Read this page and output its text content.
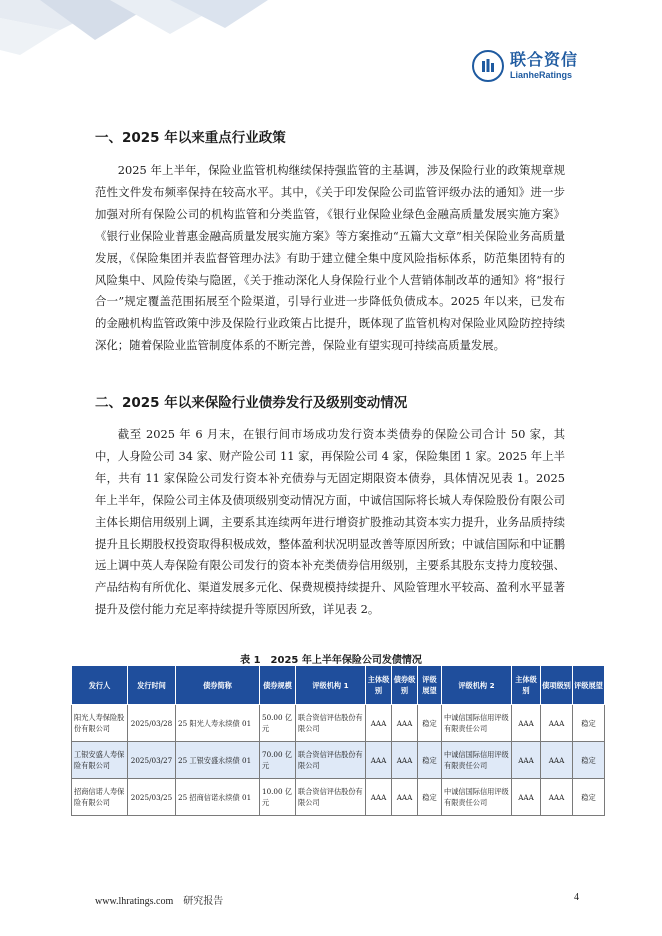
联合资信
LianheRatings
一、2025 年以来重点行业政策

2025 年上半年，保险业监管机构继续保持强监管的主基调，涉及保险行业的政策规章规范性文件发布频率保持在较高水平。其中，《关于印发保险公司监管评级办法的通知》进一步加强对所有保险公司的机构监管和分类监管，《银行业保险业绿色金融高质量发展实施方案》《银行业保险业普惠金融高质量发展实施方案》等方案推动“五篇大文章”相关保险业务高质量发展，《保险集团并表监督管理办法》有助于建立健全集中度风险指标体系，防范集团特有的风险集中、风险传染与隐匿，《关于推动深化人身保险行业个人营销体制改革的通知》将“报行合一”规定覆盖范围拓展至个险渠道，引导行业进一步降低负债成本。2025 年以来，已发布的金融机构监管政策中涉及保险行业政策占比提升，既体现了监管机构对保险业风险防控持续深化；随着保险业监管制度体系的不断完善，保险业有望实现可持续高质量发展。

二、2025 年以来保险行业债券发行及级别变动情况

截至 2025 年 6 月末，在银行间市场成功发行资本类债券的保险公司合计 50 家，其中，人身险公司 34 家、财产险公司 11 家，再保险公司 4 家，保险集团 1 家。2025 年上半年，共有 11 家保险公司发行资本补充债券与无固定期限资本债券，具体情况见表 1。2025 年上半年，保险公司主体及债项级别变动情况方面，中诚信国际将长城人寿保险股份有限公司主体长期信用级别上调，主要系其连续两年进行增资扩股推动其资本实力提升，业务品质持续提升且长期股权投资取得积极成效，整体盈利状况明显改善等原因所致；中诚信国际和中证鹏远上调中英人寿保险有限公司发行的资本补充类债券信用级别，主要系其股东支持力度较强、产品结构有所优化、渠道发展多元化、保费规模持续提升、风险管理水平较高、盈利水平显著提升及偿付能力充足率持续提升等原因所致，详见表 2。

表 1　2025 年上半年保险公司发债情况
发行人	发行时间	债券简称	债券规模	评级机构 1	主体级别	债券级别	评级展望	评级机构 2	主体级别	债项级别	评级展望
阳光人寿保险股份有限公司	2025/03/28	25 阳光人寿永续债 01	50.00 亿元	联合资信评估股份有限公司	AAA	AAA	稳定	中诚信国际信用评级有限责任公司	AAA	AAA	稳定
工银安盛人寿保险有限公司	2025/03/27	25 工银安盛永续债 01	70.00 亿元	联合资信评估股份有限公司	AAA	AAA	稳定	中诚信国际信用评级有限责任公司	AAA	AAA	稳定
招商信诺人寿保险有限公司	2025/03/25	25 招商信诺永续债 01	10.00 亿元	联合资信评估股份有限公司	AAA	AAA	稳定	中诚信国际信用评级有限责任公司	AAA	AAA	稳定
www.lhratings.com 研究报告	4
